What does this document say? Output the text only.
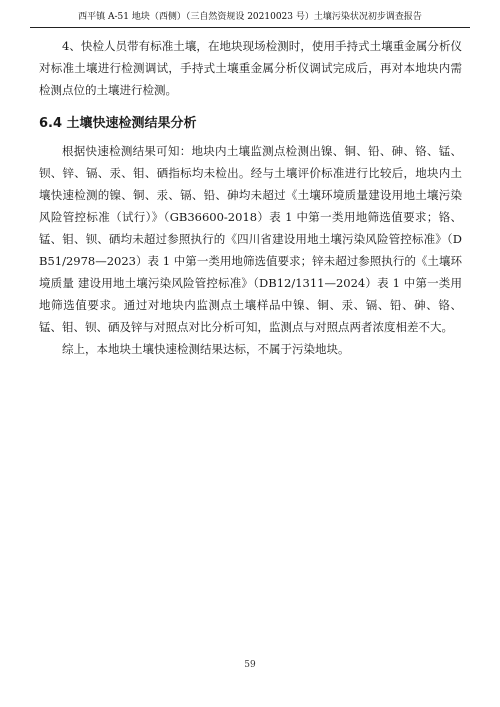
西平镇 A-51 地块（西侧）（三自然资规设 20210023 号）土壤污染状况初步调查报告

4、快检人员带有标准土壤，在地块现场检测时，使用手持式土壤重金属分析仪对标准土壤进行检测调试，手持式土壤重金属分析仪调试完成后，再对本地块内需检测点位的土壤进行检测。

6.4 土壤快速检测结果分析

根据快速检测结果可知：地块内土壤监测点检测出镍、铜、铅、砷、铬、锰、钡、锌、镉、汞、钼、硒指标均未检出。经与土壤评价标准进行比较后，地块内土壤快速检测的镍、铜、汞、镉、铅、砷均未超过《土壤环境质量建设用地土壤污染风险管控标准（试行）》（GB36600-2018）表 1 中第一类用地筛选值要求；铬、锰、钼、钡、硒均未超过参照执行的《四川省建设用地土壤污染风险管控标准》（DB51/2978—2023）表 1 中第一类用地筛选值要求；锌未超过参照执行的《土壤环境质量 建设用地土壤污染风险管控标准》（DB12/1311—2024）表 1 中第一类用地筛选值要求。通过对地块内监测点土壤样品中镍、铜、汞、镉、铅、砷、铬、锰、钼、钡、硒及锌与对照点对比分析可知，监测点与对照点两者浓度相差不大。

综上，本地块土壤快速检测结果达标，不属于污染地块。

59
